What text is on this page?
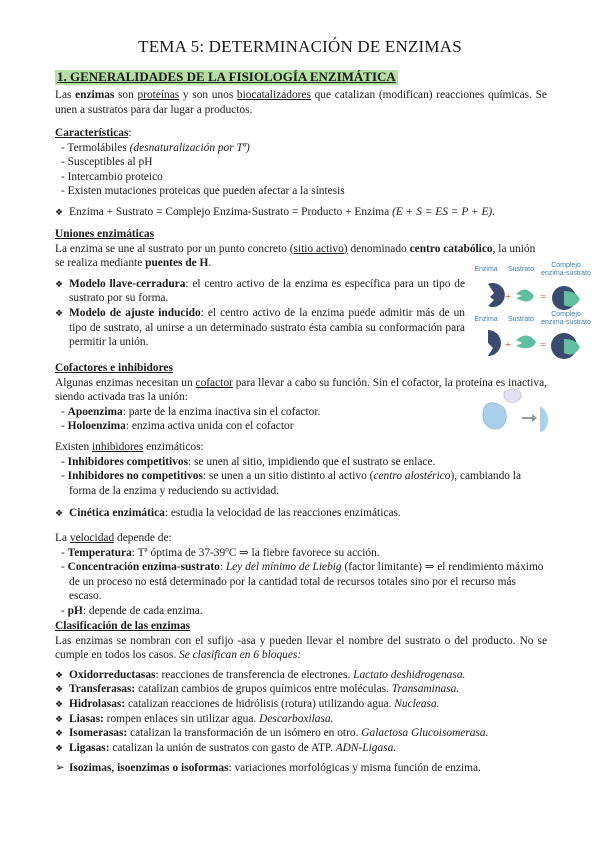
TEMA 5: DETERMINACIÓN DE ENZIMAS
1. GENERALIDADES DE LA FISIOLOGÍA ENZIMÁTICA
Las enzimas son proteínas y son unos biocatalizadores que catalizan (modifican) reacciones químicas. Se unen a sustratos para dar lugar a productos.
Características:
- Termolábiles (desnaturalización por Tª)
- Susceptibles al pH
- Intercambio proteico
- Existen mutaciones proteicas que pueden afectar a la síntesis
❖ Enzima + Sustrato = Complejo Enzima-Sustrato = Producto + Enzima (E + S = ES = P + E).
Uniones enzimáticas
La enzima se une al sustrato por un punto concreto (sitio activo) denominado centro catabólico, la unión se realiza mediante puentes de H.
❖ Modelo llave-cerradura: el centro activo de la enzima es específica para un tipo de sustrato por su forma.
❖ Modelo de ajuste inducido: el centro activo de la enzima puede admitir más de un tipo de sustrato, al unirse a un determinado sustrato ésta cambia su conformación para permitir la unión.
Enzima	Sustrato
Complejo enzima-sustrato
Enzima	Sustrato
Complejo enzima-sustrato
+	=
+	=
Cofactores e inhibidores
Algunas enzimas necesitan un cofactor para llevar a cabo su función. Sin el cofactor, la proteína es inactiva, siendo activada tras la unión:
- Apoenzima: parte de la enzima inactiva sin el cofactor.
- Holoenzima: enzima activa unida con el cofactor
Existen inhibidores enzimáticos:
- Inhibidores competitivos: se unen al sitio, impidiendo que el sustrato se enlace.
- Inhibidores no competitivos: se unen a un sitio distinto al activo (centro alostérico), cambiando la forma de la enzima y reduciendo su actividad.
❖ Cinética enzimática: estudia la velocidad de las reacciones enzimáticas.
La velocidad depende de:
- Temperatura: Tª óptima de 37-39ºC ⇒ la fiebre favorece su acción.
- Concentración enzima-sustrato: Ley del mínimo de Liebig (factor limitante) ⇒ el rendimiento máximo de un proceso no está determinado por la cantidad total de recursos totales sino por el recurso más escaso.
- pH: depende de cada enzima.
Clasificación de las enzimas
Las enzimas se nombran con el sufijo -asa y pueden llevar el nombre del sustrato o del producto. No se cumple en todos los casos. Se clasifican en 6 bloques:
❖ Oxidorreductasas: reacciones de transferencia de electrones. Lactato deshidrogenasa.
❖ Transferasas: catalizan cambios de grupos químicos entre moléculas. Transaminasa.
❖ Hidrolasas: catalizan reacciones de hidrólisis (rotura) utilizando agua. Nucleasa.
❖ Liasas: rompen enlaces sin utilizar agua. Descarboxilasa.
❖ Isomerasas: catalizan la transformación de un isómero en otro. Galactosa Glucoisomerasa.
❖ Ligasas: catalizan la unión de sustratos con gasto de ATP. ADN-Ligasa.
➢ Isozimas, isoenzimas o isoformas: variaciones morfológicas y misma función de enzima.
